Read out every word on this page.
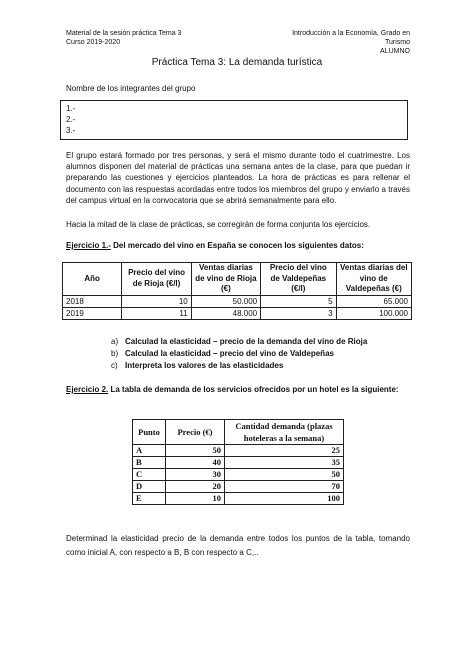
Material de la sesión práctica Tema 3
Curso 2019-2020
Introducción a la Economía, Grado en Turismo
ALUMNO
Práctica Tema 3: La demanda turística
Nombre de los integrantes del grupo
1.-
2.-
3.-
El grupo estará formado por tres personas, y será el mismo durante todo el cuatrimestre. Los alumnos disponen del material de prácticas una semana antes de la clase, para que puedan ir preparando las cuestiones y ejercicios planteados. La hora de prácticas es para rellenar el documento con las respuestas acordadas entre todos los miembros del grupo y enviarlo a través del campus virtual en la convocatoria que se abrirá semanalmente para ello.
Hacia la mitad de la clase de prácticas, se corregirán de forma conjunta los ejercicios.
Ejercicio 1.- Del mercado del vino en España se conocen los siguientes datos:
Año	Precio del vino de Rioja (€/l)	Ventas diarias de vino de Rioja (€)	Precio del vino de Valdepeñas (€/l)	Ventas diarias del vino de Valdepeñas (€)
2018	10	50.000	5	65.000
2019	11	48.000	3	100.000
a) Calculad la elasticidad – precio de la demanda del vino de Rioja
b) Calculad la elasticidad – precio del vino de Valdepeñas
c) Interpreta los valores de las elasticidades
Ejercicio 2. La tabla de demanda de los servicios ofrecidos por un hotel es la siguiente:
Punto	Precio (€)	Cantidad demanda (plazas hoteleras a la semana)
A	50	25
B	40	35
C	30	50
D	20	70
E	10	100
Determinad la elasticidad precio de la demanda entre todos los puntos de la tabla, tomando como inicial A, con respecto a B, B con respecto a C,..
